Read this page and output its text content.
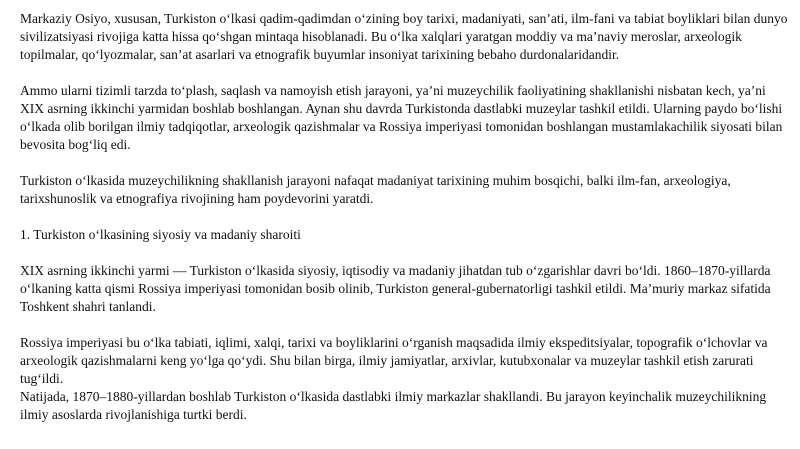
Markaziy Osiyo, xususan, Turkiston o‘lkasi qadim-qadimdan o‘zining boy tarixi, madaniyati, san’ati, ilm-fani va tabiat boyliklari bilan dunyo sivilizatsiyasi rivojiga katta hissa qo‘shgan mintaqa hisoblanadi. Bu o‘lka xalqlari yaratgan moddiy va ma’naviy meroslar, arxeologik topilmalar, qo‘lyozmalar, san’at asarlari va etnografik buyumlar insoniyat tarixining bebaho durdonalaridandir.

Ammo ularni tizimli tarzda to‘plash, saqlash va namoyish etish jarayoni, ya’ni muzeychilik faoliyatining shakllanishi nisbatan kech, ya’ni XIX asrning ikkinchi yarmidan boshlab boshlangan. Aynan shu davrda Turkistonda dastlabki muzeylar tashkil etildi. Ularning paydo bo‘lishi o‘lkada olib borilgan ilmiy tadqiqotlar, arxeologik qazishmalar va Rossiya imperiyasi tomonidan boshlangan mustamlakachilik siyosati bilan bevosita bog‘liq edi.

Turkiston o‘lkasida muzeychilikning shakllanish jarayoni nafaqat madaniyat tarixining muhim bosqichi, balki ilm-fan, arxeologiya, tarixshunoslik va etnografiya rivojining ham poydevorini yaratdi.

1. Turkiston o‘lkasining siyosiy va madaniy sharoiti

XIX asrning ikkinchi yarmi — Turkiston o‘lkasida siyosiy, iqtisodiy va madaniy jihatdan tub o‘zgarishlar davri bo‘ldi. 1860–1870-yillarda o‘lkaning katta qismi Rossiya imperiyasi tomonidan bosib olinib, Turkiston general-gubernatorligi tashkil etildi. Ma’muriy markaz sifatida Toshkent shahri tanlandi.

Rossiya imperiyasi bu o‘lka tabiati, iqlimi, xalqi, tarixi va boyliklarini o‘rganish maqsadida ilmiy ekspeditsiyalar, topografik o‘lchovlar va arxeologik qazishmalarni keng yo‘lga qo‘ydi. Shu bilan birga, ilmiy jamiyatlar, arxivlar, kutubxonalar va muzeylar tashkil etish zarurati tug‘ildi.

Natijada, 1870–1880-yillardan boshlab Turkiston o‘lkasida dastlabki ilmiy markazlar shakllandi. Bu jarayon keyinchalik muzeychilikning ilmiy asoslarda rivojlanishiga turtki berdi.
